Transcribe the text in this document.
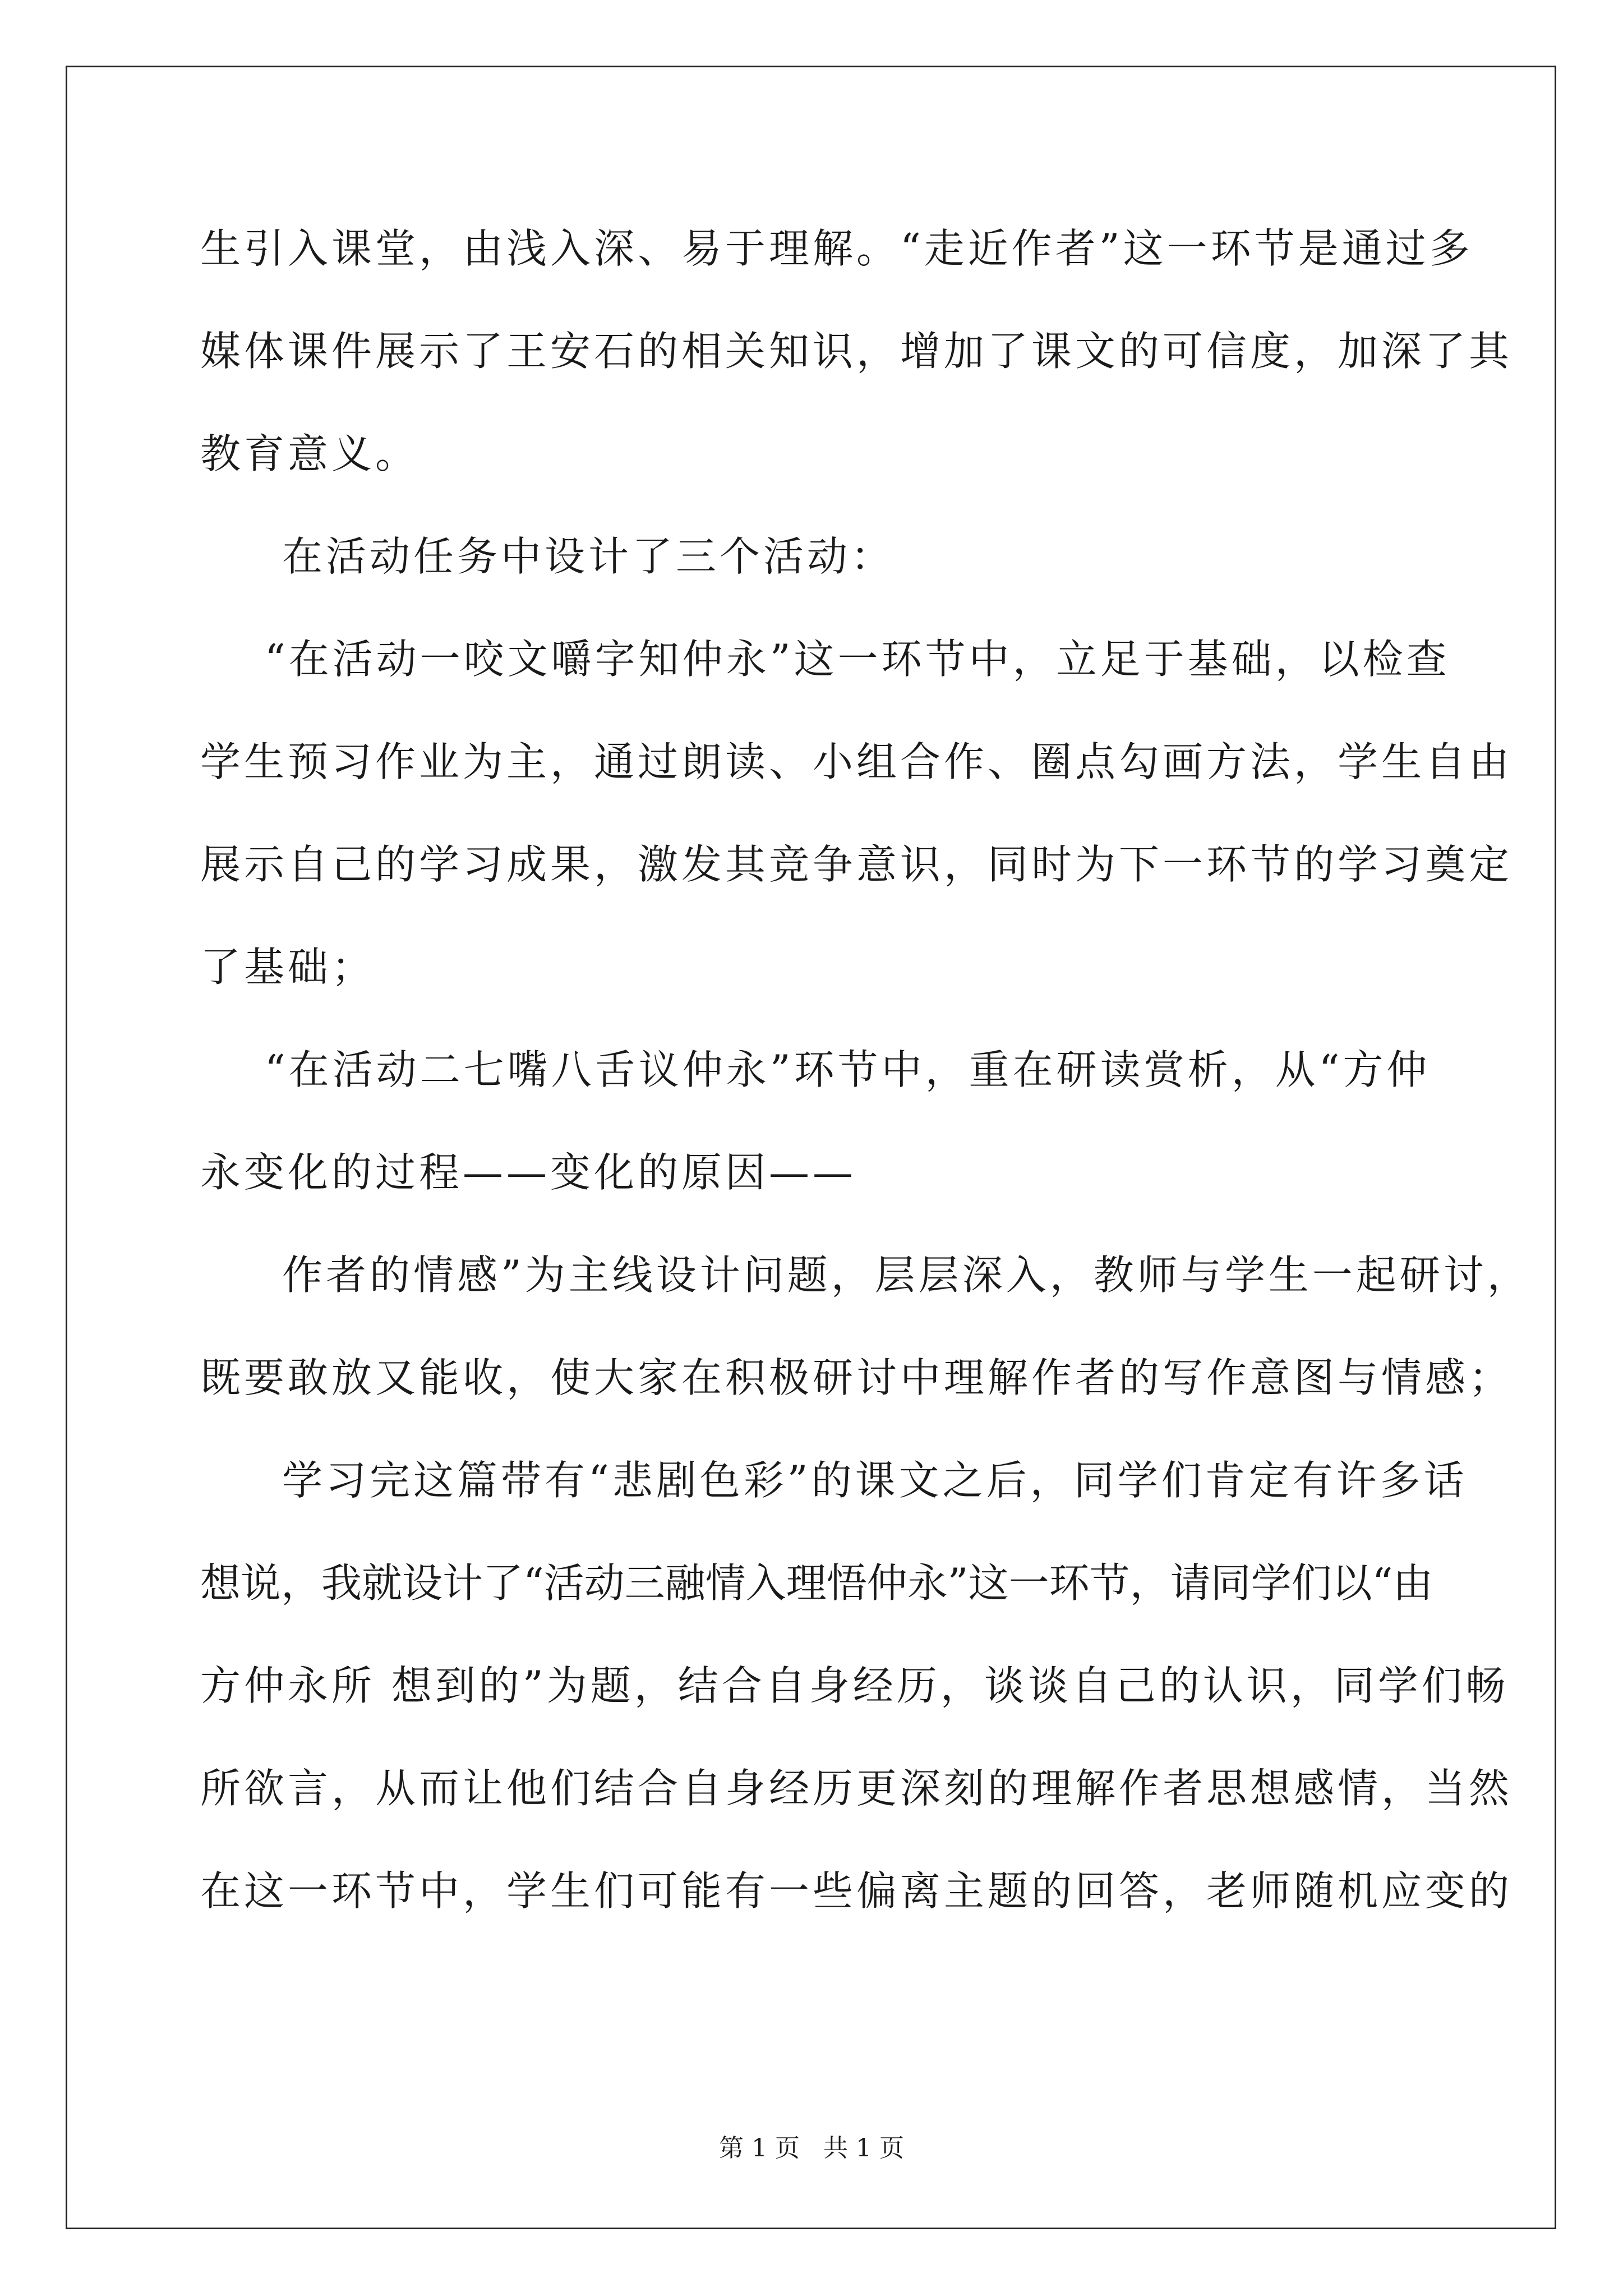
生引入课堂，由浅入深、易于理解。“走近作者”这一环节是通过多
媒体课件展示了王安石的相关知识，增加了课文的可信度，加深了其
教育意义。
在活动任务中设计了三个活动：
“在活动一咬文嚼字知仲永”这一环节中，立足于基础，以检查
学生预习作业为主，通过朗读、小组合作、圈点勾画方法，学生自由
展示自己的学习成果，激发其竞争意识，同时为下一环节的学习奠定
了基础；
“在活动二七嘴八舌议仲永”环节中，重在研读赏析，从“方仲
永变化的过程——变化的原因——
作者的情感”为主线设计问题，层层深入，教师与学生一起研讨，
既要敢放又能收，使大家在积极研讨中理解作者的写作意图与情感；
学习完这篇带有“悲剧色彩”的课文之后，同学们肯定有许多话
想说，我就设计了“活动三融情入理悟仲永”这一环节，请同学们以“由
方仲永所 想到的”为题，结合自身经历，谈谈自己的认识，同学们畅
所欲言，从而让他们结合自身经历更深刻的理解作者思想感情，当然
在这一环节中，学生们可能有一些偏离主题的回答，老师随机应变的
第 1 页   共 1 页
